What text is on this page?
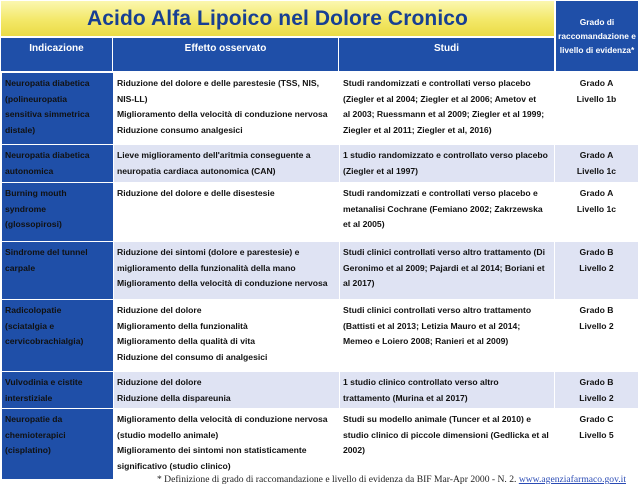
Acido Alfa Lipoico nel Dolore Cronico	Grado di raccomandazione e livello di evidenza*
Indicazione	Effetto osservato	Studi
Neuropatia diabetica
(polineuropatia
sensitiva simmetrica
distale)	Riduzione del dolore e delle parestesie (TSS, NIS,
NIS-LL)
Miglioramento della velocità di conduzione nervosa
Riduzione consumo analgesici	Studi randomizzati e controllati verso placebo
(Ziegler et al 2004; Ziegler et al 2006; Ametov et
al 2003; Ruessmann et al 2009; Ziegler et al 1999;
Ziegler et al 2011; Ziegler et al, 2016)	Grado A
Livello 1b

Neuropatia diabetica
autonomica	Lieve miglioramento dell'aritmia conseguente a
neuropatia cardiaca autonomica (CAN)	1 studio randomizzato e controllato verso placebo
(Ziegler et al 1997)	Grado A
Livello 1c

Burning mouth
syndrome
(glossopirosi)	Riduzione del dolore e delle disestesie	Studi randomizzati e controllati verso placebo e
metanalisi Cochrane (Femiano 2002; Zakrzewska
et al 2005)	Grado A
Livello 1c

Sindrome del tunnel
carpale	Riduzione dei sintomi (dolore e parestesie) e
miglioramento della funzionalità della mano
Miglioramento della velocità di conduzione nervosa	Studi clinici controllati verso altro trattamento (Di
Geronimo et al 2009; Pajardi et al 2014; Boriani et
al 2017)	Grado B
Livello 2

Radicolopatie
(sciatalgia e
cervicobrachialgia)	Riduzione del dolore
Miglioramento della funzionalità
Miglioramento della qualità di vita
Riduzione del consumo di analgesici	Studi clinici controllati verso altro trattamento
(Battisti et al 2013; Letizia Mauro et al 2014;
Memeo e Loiero 2008; Ranieri et al 2009)	Grado B
Livello 2

Vulvodinia e cistite
interstiziale	Riduzione del dolore
Riduzione della dispareunia	1 studio clinico controllato verso altro
trattamento (Murina et al 2017)	Grado B
Livello 2

Neuropatie da
chemioterapici
(cisplatino)	Miglioramento della velocità di conduzione nervosa
(studio modello animale)
Miglioramento dei sintomi non statisticamente
significativo (studio clinico)	Studi su modello animale (Tuncer et al 2010) e
studio clinico di piccole dimensioni (Gedlicka et al
2002)	Grado C
Livello 5
* Definizione di grado di raccomandazione e livello di evidenza da BIF Mar-Apr 2000 - N. 2. www.agenziafarmaco.gov.it
